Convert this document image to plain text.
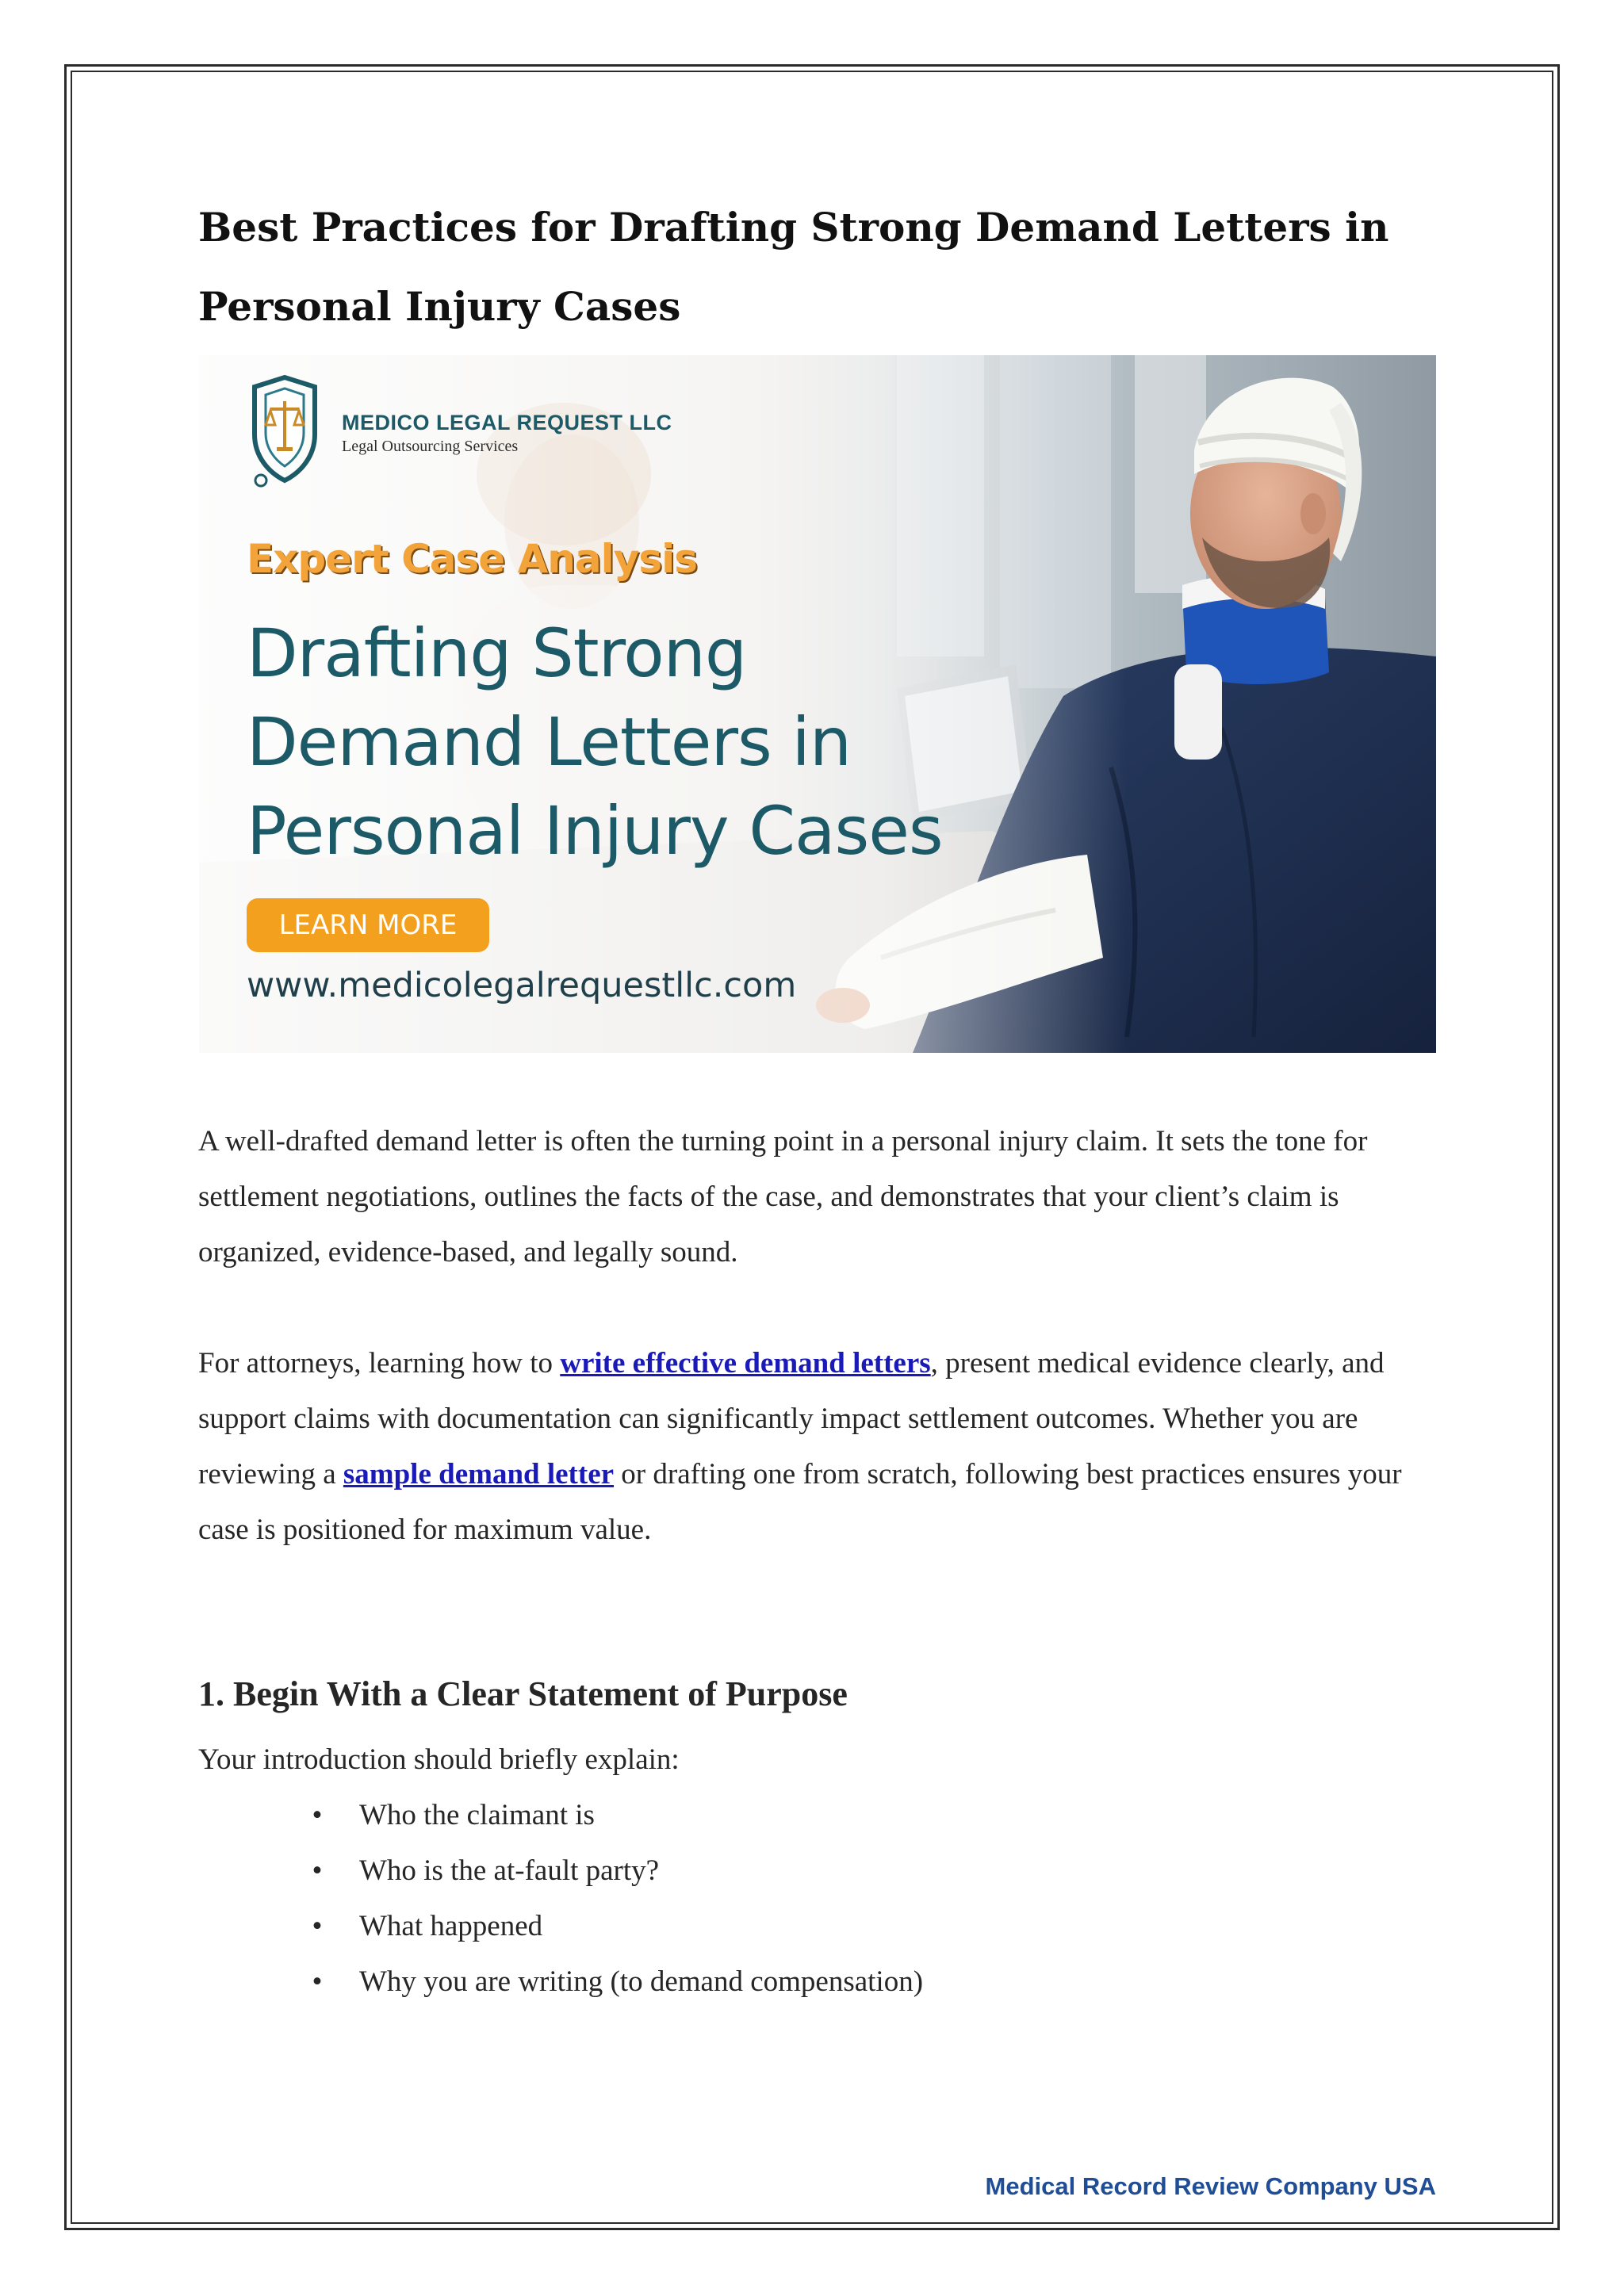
Best Practices for Drafting Strong Demand Letters in
Personal Injury Cases
MEDICO LEGAL REQUEST LLC
Legal Outsourcing Services
Expert Case Analysis
Drafting Strong
Demand Letters in
Personal Injury Cases
LEARN MORE
www.medicolegalrequestllc.com

A well-drafted demand letter is often the turning point in a personal injury claim. It sets the tone for settlement negotiations, outlines the facts of the case, and demonstrates that your client’s claim is organized, evidence-based, and legally sound.

For attorneys, learning how to write effective demand letters, present medical evidence clearly, and support claims with documentation can significantly impact settlement outcomes. Whether you are reviewing a sample demand letter or drafting one from scratch, following best practices ensures your case is positioned for maximum value.

1. Begin With a Clear Statement of Purpose

Your introduction should briefly explain:

• Who the claimant is
• Who is the at-fault party?
• What happened
• Why you are writing (to demand compensation)
Medical Record Review Company USA
